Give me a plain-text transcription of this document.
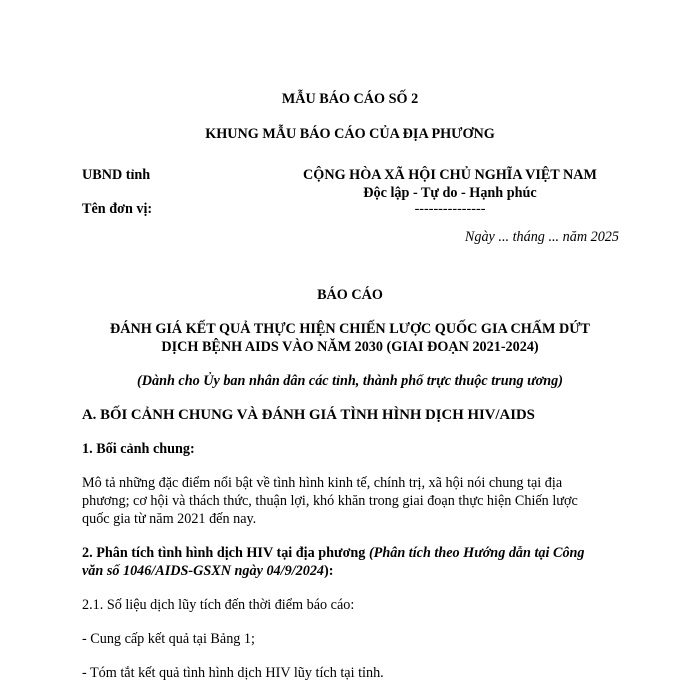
MẪU BÁO CÁO SỐ 2
KHUNG MẪU BÁO CÁO CỦA ĐỊA PHƯƠNG
UBND tỉnh
Tên đơn vị:
CỘNG HÒA XÃ HỘI CHỦ NGHĨA VIỆT NAM
Độc lập - Tự do - Hạnh phúc
---------------
Ngày ... tháng ... năm 2025
BÁO CÁO
ĐÁNH GIÁ KẾT QUẢ THỰC HIỆN CHIẾN LƯỢC QUỐC GIA CHẤM DỨT
DỊCH BỆNH AIDS VÀO NĂM 2030 (GIAI ĐOẠN 2021-2024)
(Dành cho Ủy ban nhân dân các tỉnh, thành phố trực thuộc trung ương)
A. BỐI CẢNH CHUNG VÀ ĐÁNH GIÁ TÌNH HÌNH DỊCH HIV/AIDS
1. Bối cảnh chung:
Mô tả những đặc điểm nổi bật về tình hình kinh tế, chính trị, xã hội nói chung tại địa
phương; cơ hội và thách thức, thuận lợi, khó khăn trong giai đoạn thực hiện Chiến lược
quốc gia từ năm 2021 đến nay.
2. Phân tích tình hình dịch HIV tại địa phương (Phân tích theo Hướng dẫn tại Công
văn số 1046/AIDS-GSXN ngày 04/9/2024):
2.1. Số liệu dịch lũy tích đến thời điểm báo cáo:
- Cung cấp kết quả tại Bảng 1;
- Tóm tắt kết quả tình hình dịch HIV lũy tích tại tỉnh.
